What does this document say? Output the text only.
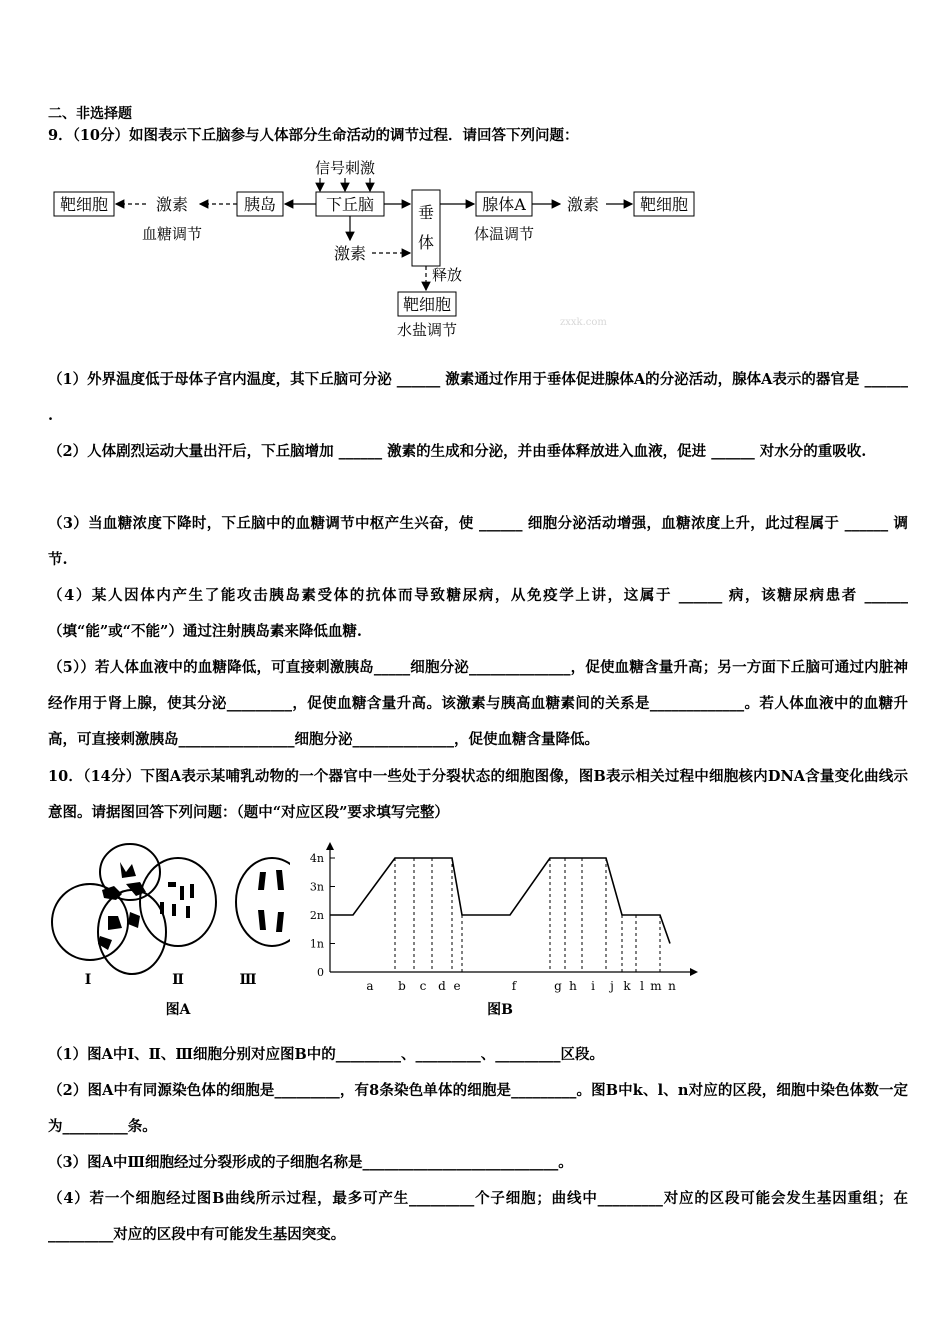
二、非选择题
9．（10分）如图表示下丘脑参与人体部分生命活动的调节过程．请回答下列问题：
靶细胞	激素
血糖调节
胰岛	下丘脑
信号刺激
垂
体
腺体A
体温调节
激素	靶细胞
激素
释放
靶细胞
水盐调节	zxxk.com
（1）外界温度低于母体子宫内温度，其下丘脑可分泌 ______ 激素通过作用于垂体促进腺体A的分泌活动，腺体A表示的器官是 ______ .
（2）人体剧烈运动大量出汗后，下丘脑增加 ______ 激素的生成和分泌，并由垂体释放进入血液，促进 ______ 对水分的重吸收.
（3）当血糖浓度下降时，下丘脑中的血糖调节中枢产生兴奋，使 ______ 细胞分泌活动增强，血糖浓度上升，此过程属于 ______ 调节.
（4）某人因体内产生了能攻击胰岛素受体的抗体而导致糖尿病，从免疫学上讲，这属于 ______ 病，该糖尿病患者 ______ （填“能”或“不能”）通过注射胰岛素来降低血糖.
（5））若人体血液中的血糖降低，可直接刺激胰岛_____细胞分泌______________，促使血糖含量升高；另一方面下丘脑可通过内脏神经作用于肾上腺，使其分泌_________，促使血糖含量升高。该激素与胰高血糖素间的关系是_____________。若人体血液中的血糖升高，可直接刺激胰岛________________细胞分泌______________，促使血糖含量降低。
10．（14分）下图A表示某哺乳动物的一个器官中一些处于分裂状态的细胞图像，图B表示相关过程中细胞核内DNA含量变化曲线示意图。请据图回答下列问题：（题中“对应区段”要求填写完整）
Ⅰ	Ⅱ	Ⅲ
图A
4n
3n
2n
1n
0
a b c d e	f	g h i j k l m n
图B
（1）图A中Ⅰ、Ⅱ、Ⅲ细胞分别对应图B中的_________、_________、_________区段。
（2）图A中有同源染色体的细胞是_________，有8条染色单体的细胞是_________。图B中k、l、n对应的区段，细胞中染色体数一定为_________条。
（3）图A中Ⅲ细胞经过分裂形成的子细胞名称是___________________________。
（4）若一个细胞经过图B曲线所示过程，最多可产生_________个子细胞；曲线中_________对应的区段可能会发生基因重组；在_________对应的区段中有可能发生基因突变。
